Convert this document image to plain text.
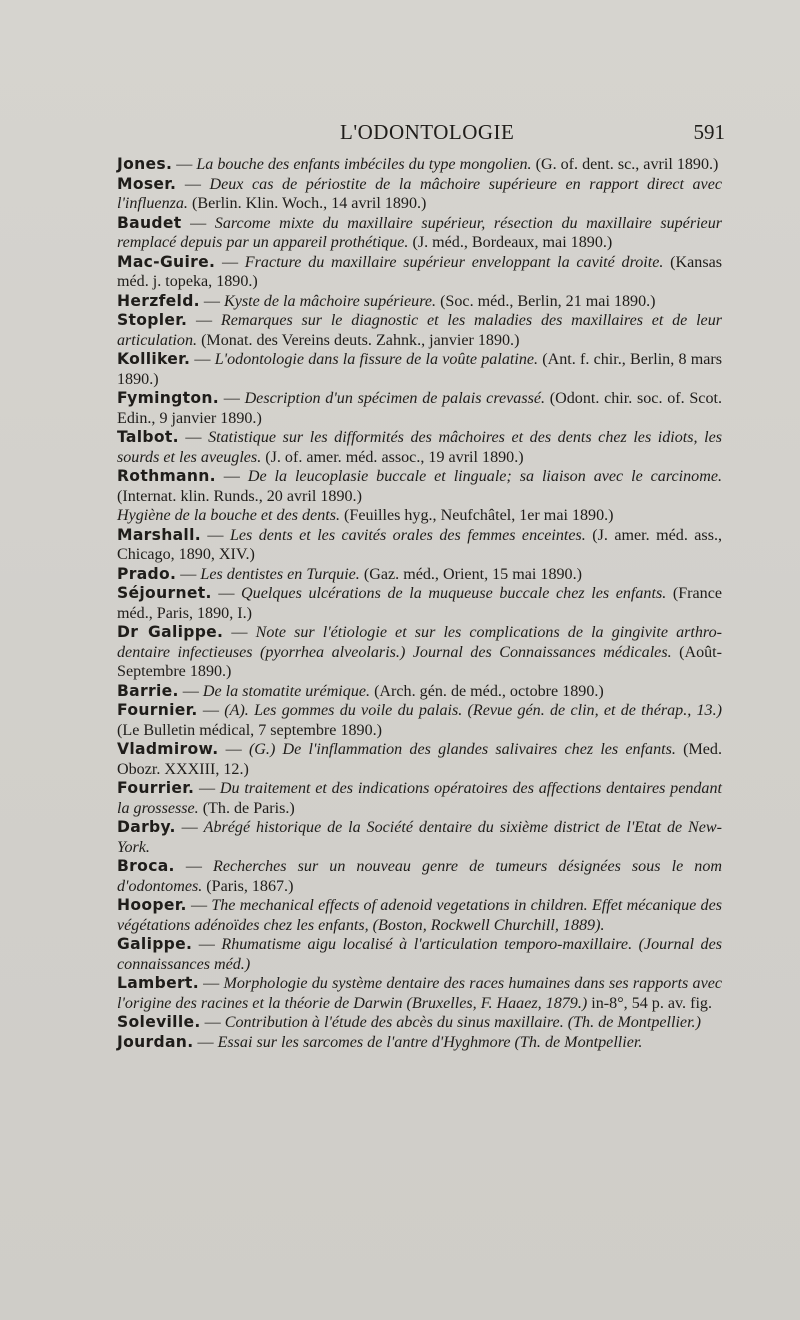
L'ODONTOLOGIE	591

Jones. — La bouche des enfants imbéciles du type mongolien. (G. of. dent. sc., avril 1890.)

Moser. — Deux cas de périostite de la mâchoire supérieure en rapport direct avec l'influenza. (Berlin. Klin. Woch., 14 avril 1890.)

Baudet — Sarcome mixte du maxillaire supérieur, résection du maxillaire supérieur remplacé depuis par un appareil prothétique. (J. méd., Bordeaux, mai 1890.)

Mac-Guire. — Fracture du maxillaire supérieur enveloppant la cavité droite. (Kansas méd. j. topeka, 1890.)

Herzfeld. — Kyste de la mâchoire supérieure. (Soc. méd., Berlin, 21 mai 1890.)

Stopler. — Remarques sur le diagnostic et les maladies des maxillaires et de leur articulation. (Monat. des Vereins deuts. Zahnk., janvier 1890.)

Kolliker. — L'odontologie dans la fissure de la voûte palatine. (Ant. f. chir., Berlin, 8 mars 1890.)

Fymington. — Description d'un spécimen de palais crevassé. (Odont. chir. soc. of. Scot. Edin., 9 janvier 1890.)

Talbot. — Statistique sur les difformités des mâchoires et des dents chez les idiots, les sourds et les aveugles. (J. of. amer. méd. assoc., 19 avril 1890.)

Rothmann. — De la leucoplasie buccale et linguale; sa liaison avec le carcinome. (Internat. klin. Runds., 20 avril 1890.)

Hygiène de la bouche et des dents. (Feuilles hyg., Neufchâtel, 1er mai 1890.)

Marshall. — Les dents et les cavités orales des femmes enceintes. (J. amer. méd. ass., Chicago, 1890, XIV.)

Prado. — Les dentistes en Turquie. (Gaz. méd., Orient, 15 mai 1890.)

Séjournet. — Quelques ulcérations de la muqueuse buccale chez les enfants. (France méd., Paris, 1890, I.)

Dr Galippe. — Note sur l'étiologie et sur les complications de la gingivite arthro-dentaire infectieuses (pyorrhea alveolaris.) Journal des Connaissances médicales. (Août-Septembre 1890.)

Barrie. — De la stomatite urémique. (Arch. gén. de méd., octobre 1890.)

Fournier. — (A). Les gommes du voile du palais. (Revue gén. de clin, et de thérap., 13.) (Le Bulletin médical, 7 septembre 1890.)

Vladmirow. — (G.) De l'inflammation des glandes salivaires chez les enfants. (Med. Obozr. XXXIII, 12.)

Fourrier. — Du traitement et des indications opératoires des affections dentaires pendant la grossesse. (Th. de Paris.)

Darby. — Abrégé historique de la Société dentaire du sixième district de l'Etat de New-York.

Broca. — Recherches sur un nouveau genre de tumeurs désignées sous le nom d'odontomes. (Paris, 1867.)

Hooper. — The mechanical effects of adenoid vegetations in children. Effet mécanique des végétations adénoïdes chez les enfants, (Boston, Rockwell Churchill, 1889).

Galippe. — Rhumatisme aigu localisé à l'articulation temporo-maxillaire. (Journal des connaissances méd.)

Lambert. — Morphologie du système dentaire des races humaines dans ses rapports avec l'origine des racines et la théorie de Darwin (Bruxelles, F. Haaez, 1879.) in-8°, 54 p. av. fig.

Soleville. — Contribution à l'étude des abcès du sinus maxillaire. (Th. de Montpellier.)

Jourdan. — Essai sur les sarcomes de l'antre d'Hyghmore (Th. de Montpellier.
